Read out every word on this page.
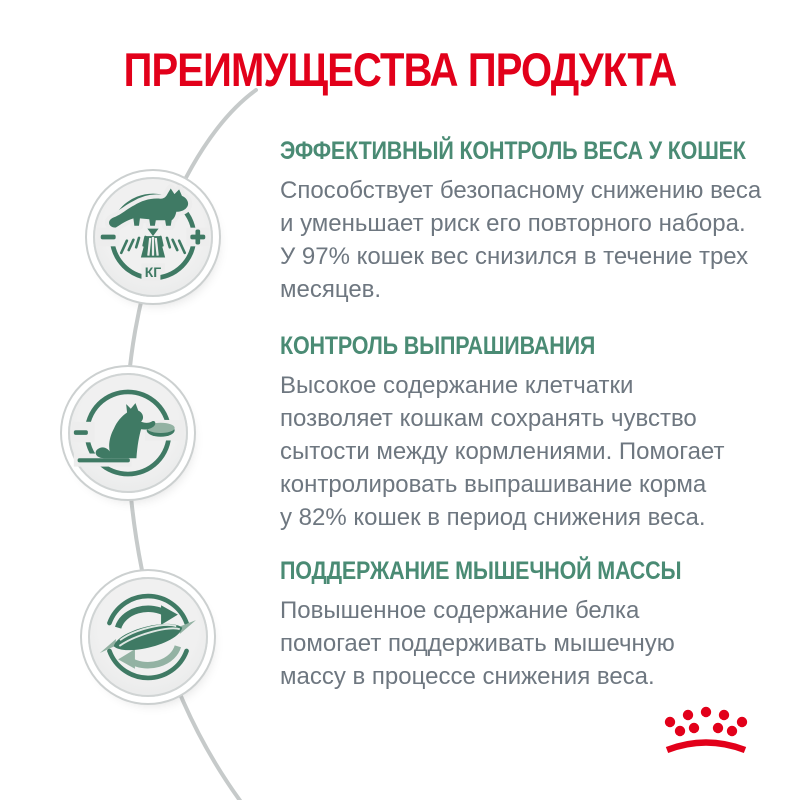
ПРЕИМУЩЕСТВА ПРОДУКТА
КГ
ЭФФЕКТИВНЫЙ КОНТРОЛЬ ВЕСА У КОШЕК
Способствует безопасному снижению веса
и уменьшает риск его повторного набора.
У 97% кошек вес снизился в течение трех
месяцев.
КОНТРОЛЬ ВЫПРАШИВАНИЯ
Высокое содержание клетчатки
позволяет кошкам сохранять чувство
сытости между кормлениями. Помогает
контролировать выпрашивание корма
у 82% кошек в период снижения веса.
ПОДДЕРЖАНИЕ МЫШЕЧНОЙ МАССЫ
Повышенное содержание белка
помогает поддерживать мышечную
массу в процессе снижения веса.
